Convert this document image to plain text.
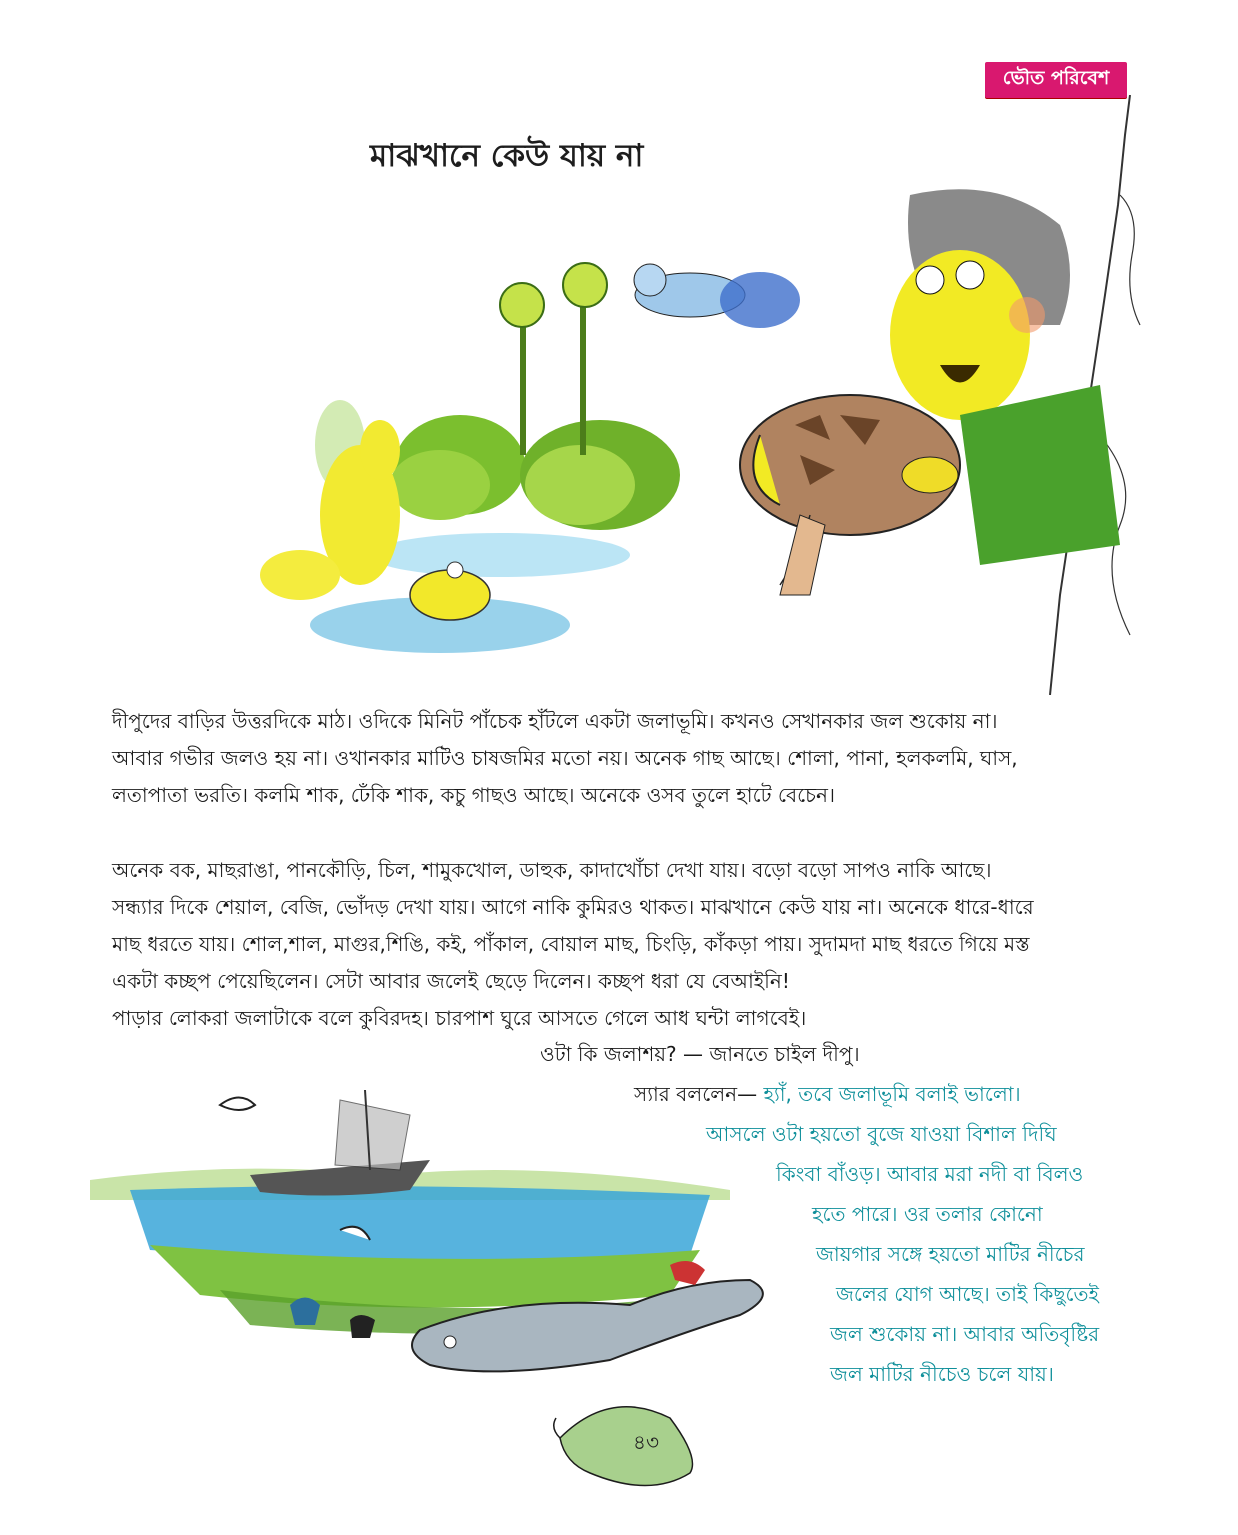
ভৌত পরিবেশ
মাঝখানে কেউ যায় না
দীপুদের বাড়ির উত্তরদিকে মাঠ। ওদিকে মিনিট পাঁচেক হাঁটলে একটা জলাভূমি। কখনও সেখানকার জল শুকোয় না।
আবার গভীর জলও হয় না। ওখানকার মাটিও চাষজমির মতো নয়। অনেক গাছ আছে। শোলা, পানা, হলকলমি, ঘাস,
লতাপাতা ভরতি। কলমি শাক, ঢেঁকি শাক, কচু গাছও আছে। অনেকে ওসব তুলে হাটে বেচেন।
অনেক বক, মাছরাঙা, পানকৌড়ি, চিল, শামুকখোল, ডাহুক, কাদাখোঁচা দেখা যায়। বড়ো বড়ো সাপও নাকি আছে।
সন্ধ্যার দিকে শেয়াল, বেজি, ভোঁদড় দেখা যায়। আগে নাকি কুমিরও থাকত। মাঝখানে কেউ যায় না। অনেকে ধারে-ধারে
মাছ ধরতে যায়। শোল,শাল, মাগুর,শিঙি, কই, পাঁকাল, বোয়াল মাছ, চিংড়ি, কাঁকড়া পায়। সুদামদা মাছ ধরতে গিয়ে মস্ত
একটা কচ্ছপ পেয়েছিলেন। সেটা আবার জলেই ছেড়ে দিলেন। কচ্ছপ ধরা যে বেআইনি!
পাড়ার লোকরা জলাটাকে বলে কুবিরদহ। চারপাশ ঘুরে আসতে গেলে আধ ঘন্টা লাগবেই।
ওটা কি জলাশয়? — জানতে চাইল দীপু।
স্যার বললেন— হ্যাঁ, তবে জলাভূমি বলাই ভালো।
আসলে ওটা হয়তো বুজে যাওয়া বিশাল দিঘি
কিংবা বাঁওড়। আবার মরা নদী বা বিলও
হতে পারে। ওর তলার কোনো
জায়গার সঙ্গে হয়তো মাটির নীচের
জলের যোগ আছে। তাই কিছুতেই
জল শুকোয় না। আবার অতিবৃষ্টির
জল মাটির নীচেও চলে যায়।
৪৩
